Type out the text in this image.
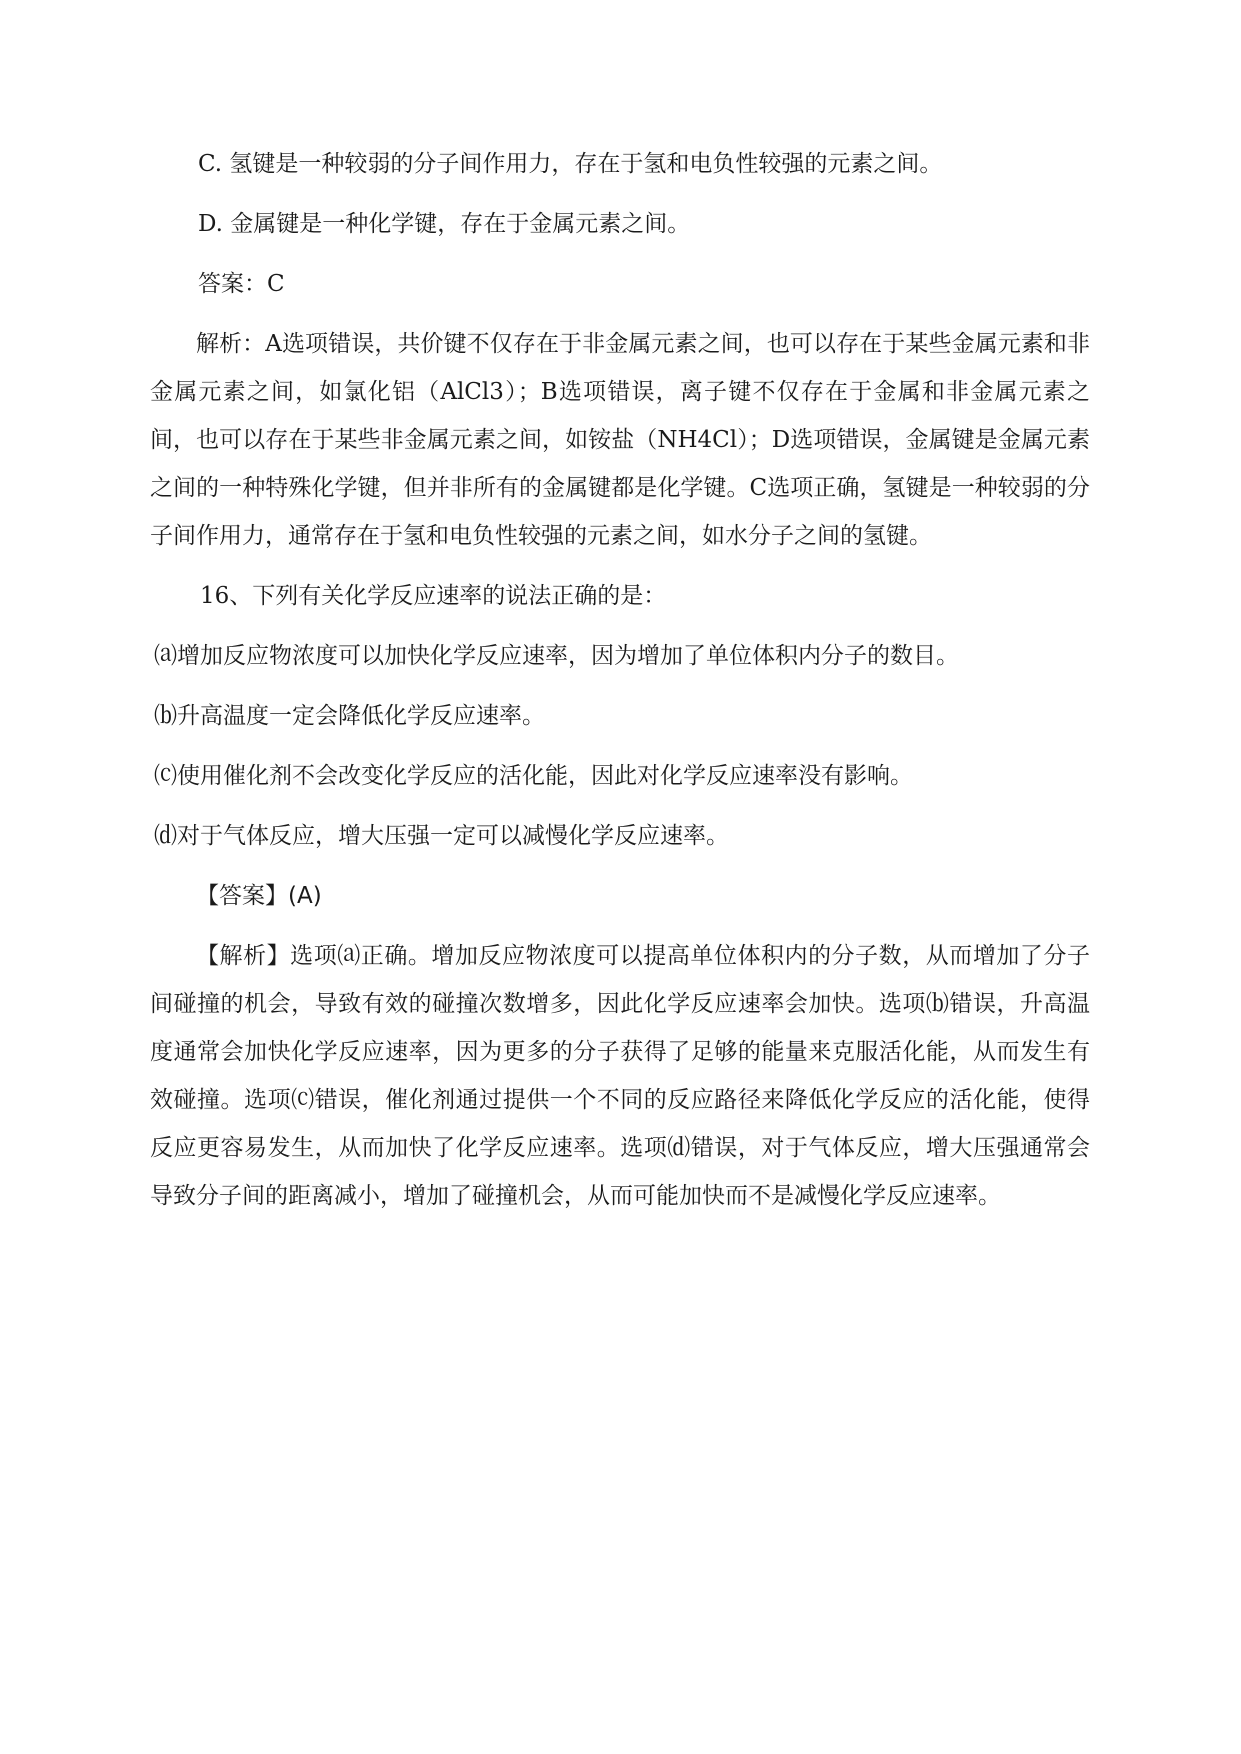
C. 氢键是一种较弱的分子间作用力，存在于氢和电负性较强的元素之间。

D. 金属键是一种化学键，存在于金属元素之间。

答案：C

解析：A选项错误，共价键不仅存在于非金属元素之间，也可以存在于某些金属元素和非金属元素之间，如氯化铝（AlCl3）；B选项错误，离子键不仅存在于金属和非金属元素之间，也可以存在于某些非金属元素之间，如铵盐（NH4Cl）；D选项错误，金属键是金属元素之间的一种特殊化学键，但并非所有的金属键都是化学键。C选项正确，氢键是一种较弱的分子间作用力，通常存在于氢和电负性较强的元素之间，如水分子之间的氢键。

16、下列有关化学反应速率的说法正确的是：

⒜增加反应物浓度可以加快化学反应速率，因为增加了单位体积内分子的数目。

⒝升高温度一定会降低化学反应速率。

⒞使用催化剂不会改变化学反应的活化能，因此对化学反应速率没有影响。

⒟对于气体反应，增大压强一定可以减慢化学反应速率。

【答案】(A)

【解析】选项⒜正确。增加反应物浓度可以提高单位体积内的分子数，从而增加了分子间碰撞的机会，导致有效的碰撞次数增多，因此化学反应速率会加快。选项⒝错误，升高温度通常会加快化学反应速率，因为更多的分子获得了足够的能量来克服活化能，从而发生有效碰撞。选项⒞错误，催化剂通过提供一个不同的反应路径来降低化学反应的活化能，使得反应更容易发生，从而加快了化学反应速率。选项⒟错误，对于气体反应，增大压强通常会导致分子间的距离减小，增加了碰撞机会，从而可能加快而不是减慢化学反应速率。
